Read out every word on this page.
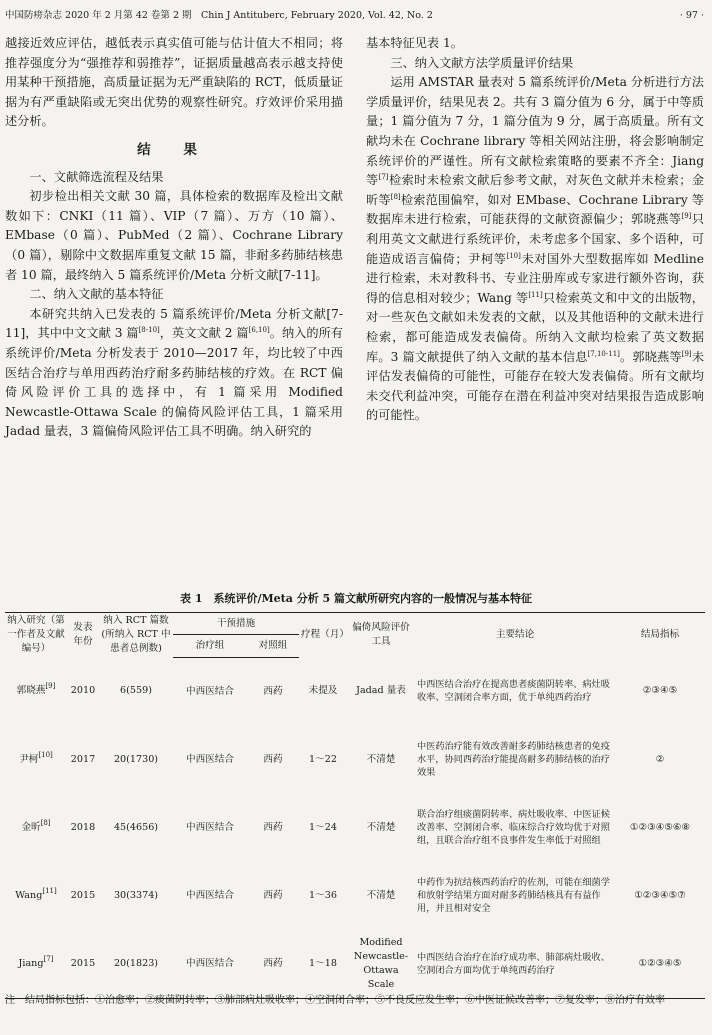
中国防痨杂志 2020 年 2 月第 42 卷第 2 期　Chin J Antituberc, February 2020, Vol. 42, No. 2	· 97 ·

越接近效应评估，越低表示真实值可能与估计值大不相同；将推荐强度分为“强推荐和弱推荐”，证据质量越高表示越支持使用某种干预措施，高质量证据为无严重缺陷的 RCT，低质量证据为有严重缺陷或无突出优势的观察性研究。疗效评价采用描述分析。

结 果
一、文献筛选流程及结果

初步检出相关文献 30 篇，具体检索的数据库及检出文献数如下：CNKI（11 篇）、VIP（7 篇）、万方（10 篇）、EMbase（0 篇）、PubMed（2 篇）、Cochrane Library（0 篇），剔除中文数据库重复文献 15 篇，非耐多药肺结核患者 10 篇，最终纳入 5 篇系统评价/Meta 分析文献[7-11]。

二、纳入文献的基本特征

本研究共纳入已发表的 5 篇系统评价/Meta 分析文献[7-11]，其中中文文献 3 篇[8-10]，英文文献 2 篇[6,10]。纳入的所有系统评价/Meta 分析发表于 2010—2017 年，均比较了中西医结合治疗与单用西药治疗耐多药肺结核的疗效。在 RCT 偏倚风险评价工具的选择中，有 1 篇采用 Modified Newcastle-Ottawa Scale 的偏倚风险评估工具，1 篇采用 Jadad 量表，3 篇偏倚风险评估工具不明确。纳入研究的

基本特征见表 1。

三、纳入文献方法学质量评价结果

运用 AMSTAR 量表对 5 篇系统评价/Meta 分析进行方法学质量评价，结果见表 2。共有 3 篇分值为 6 分，属于中等质量；1 篇分值为 7 分，1 篇分值为 9 分，属于高质量。所有文献均未在 Cochrane library 等相关网站注册，将会影响制定系统评价的严谨性。所有文献检索策略的要素不齐全：Jiang 等[7]检索时未检索文献后参考文献，对灰色文献并未检索；金昕等[8]检索范围偏窄，如对 EMbase、Cochrane Library 等数据库未进行检索，可能获得的文献资源偏少；郭晓燕等[9]只利用英文文献进行系统评价，未考虑多个国家、多个语种，可能造成语言偏倚；尹柯等[10]未对国外大型数据库如 Medline 进行检索，未对教科书、专业注册库或专家进行额外咨询，获得的信息相对较少；Wang 等[11]只检索英文和中文的出版物，对一些灰色文献如未发表的文献，以及其他语种的文献未进行检索，都可能造成发表偏倚。所纳入文献均检索了英文数据库。3 篇文献提供了纳入文献的基本信息[7,10-11]。郭晓燕等[9]未评估发表偏倚的可能性，可能存在较大发表偏倚。所有文献均未交代利益冲突，可能存在潜在利益冲突对结果报告造成影响的可能性。

表 1　系统评价/Meta 分析 5 篇文献所研究内容的一般情况与基本特征
纳入研究（第一作者及文献编号）	发表年份	纳入 RCT 篇数(所纳入 RCT 中患者总例数)	干预措施		疗程（月）	偏倚风险评价工具	主要结论	结局指标
			治疗组	对照组				
郭晓燕[9]	2010	6(559)	中西医结合	西药	未提及	Jadad 量表	中西医结合治疗在提高患者痰菌阴转率、病灶吸收率、空洞闭合率方面，优于单纯西药治疗	②③④⑤
尹柯[10]	2017	20(1730)	中西医结合	西药	1～22	不清楚	中医药治疗能有效改善耐多药肺结核患者的免疫水平，协同西药治疗能提高耐多药肺结核的治疗效果	②
金昕[8]	2018	45(4656)	中西医结合	西药	1～24	不清楚	联合治疗组痰菌阴转率、病灶吸收率、中医证候改善率、空洞闭合率、临床综合疗效均优于对照组，且联合治疗组不良事件发生率低于对照组	①②③④⑤⑥⑧
Wang[11]	2015	30(3374)	中西医结合	西药	1～36	不清楚	中药作为抗结核西药治疗的佐剂，可能在细菌学和放射学结果方面对耐多药肺结核具有有益作用，并且相对安全	①②③④⑤⑦
Jiang[7]	2015	20(1823)	中西医结合	西药	1～18	Modified Newcastle-Ottawa Scale	中西医结合治疗在治疗成功率、肺部病灶吸收、空洞闭合方面均优于单纯西药治疗	①②③④⑤
注　结局指标包括：①治愈率；②痰菌阴转率；③肺部病灶吸收率；④空洞闭合率；⑤不良反应发生率；⑥中医证候改善率；⑦复发率；⑧治疗有效率
